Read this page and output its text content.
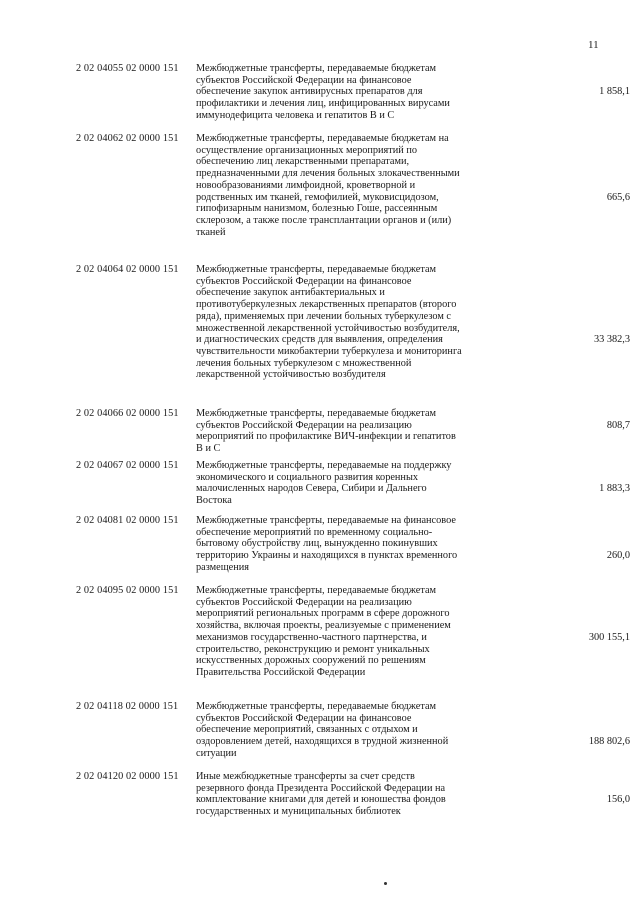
11
2 02 04055 02 0000 151 Межбюджетные трансферты, передаваемые бюджетам
субъектов Российской Федерации на финансовое
обеспечение закупок антивирусных препаратов для
профилактики и лечения лиц, инфицированных вирусами
иммунодефицита человека и гепатитов В и С
1 858,1
2 02 04062 02 0000 151 Межбюджетные трансферты, передаваемые бюджетам на
осуществление организационных мероприятий по
обеспечению лиц лекарственными препаратами,
предназначенными для лечения больных злокачественными
новообразованиями лимфоидной, кроветворной и
родственных им тканей, гемофилией, муковисцидозом,
гипофизарным нанизмом, болезнью Гоше, рассеянным
склерозом, а также после трансплантации органов и (или)
тканей
665,6
2 02 04064 02 0000 151 Межбюджетные трансферты, передаваемые бюджетам
субъектов Российской Федерации на финансовое
обеспечение закупок антибактериальных и
противотуберкулезных лекарственных препаратов (второго
ряда), применяемых при лечении больных туберкулезом с
множественной лекарственной устойчивостью возбудителя,
и диагностических средств для выявления, определения
чувствительности микобактерии туберкулеза и мониторинга
лечения больных туберкулезом с множественной
лекарственной устойчивостью возбудителя
33 382,3
2 02 04066 02 0000 151 Межбюджетные трансферты, передаваемые бюджетам
субъектов Российской Федерации на реализацию
мероприятий по профилактике ВИЧ-инфекции и гепатитов
В и С
808,7
2 02 04067 02 0000 151 Межбюджетные трансферты, передаваемые на поддержку
экономического и социального развития коренных
малочисленных народов Севера, Сибири и Дальнего
Востока
1 883,3
2 02 04081 02 0000 151 Межбюджетные трансферты, передаваемые на финансовое
обеспечение мероприятий по временному социально-
бытовому обустройству лиц, вынужденно покинувших
территорию Украины и находящихся в пунктах временного
размещения
260,0
2 02 04095 02 0000 151 Межбюджетные трансферты, передаваемые бюджетам
субъектов Российской Федерации на реализацию
мероприятий региональных программ в сфере дорожного
хозяйства, включая проекты, реализуемые с применением
механизмов государственно-частного партнерства, и
строительство, реконструкцию и ремонт уникальных
искусственных дорожных сооружений по решениям
Правительства Российской Федерации
300 155,1
2 02 04118 02 0000 151 Межбюджетные трансферты, передаваемые бюджетам
субъектов Российской Федерации на финансовое
обеспечение мероприятий, связанных с отдыхом и
оздоровлением детей, находящихся в трудной жизненной
ситуации
188 802,6
2 02 04120 02 0000 151 Иные межбюджетные трансферты за счет средств
резервного фонда Президента Российской Федерации на
комплектование книгами для детей и юношества фондов
государственных и муниципальных библиотек
156,0
